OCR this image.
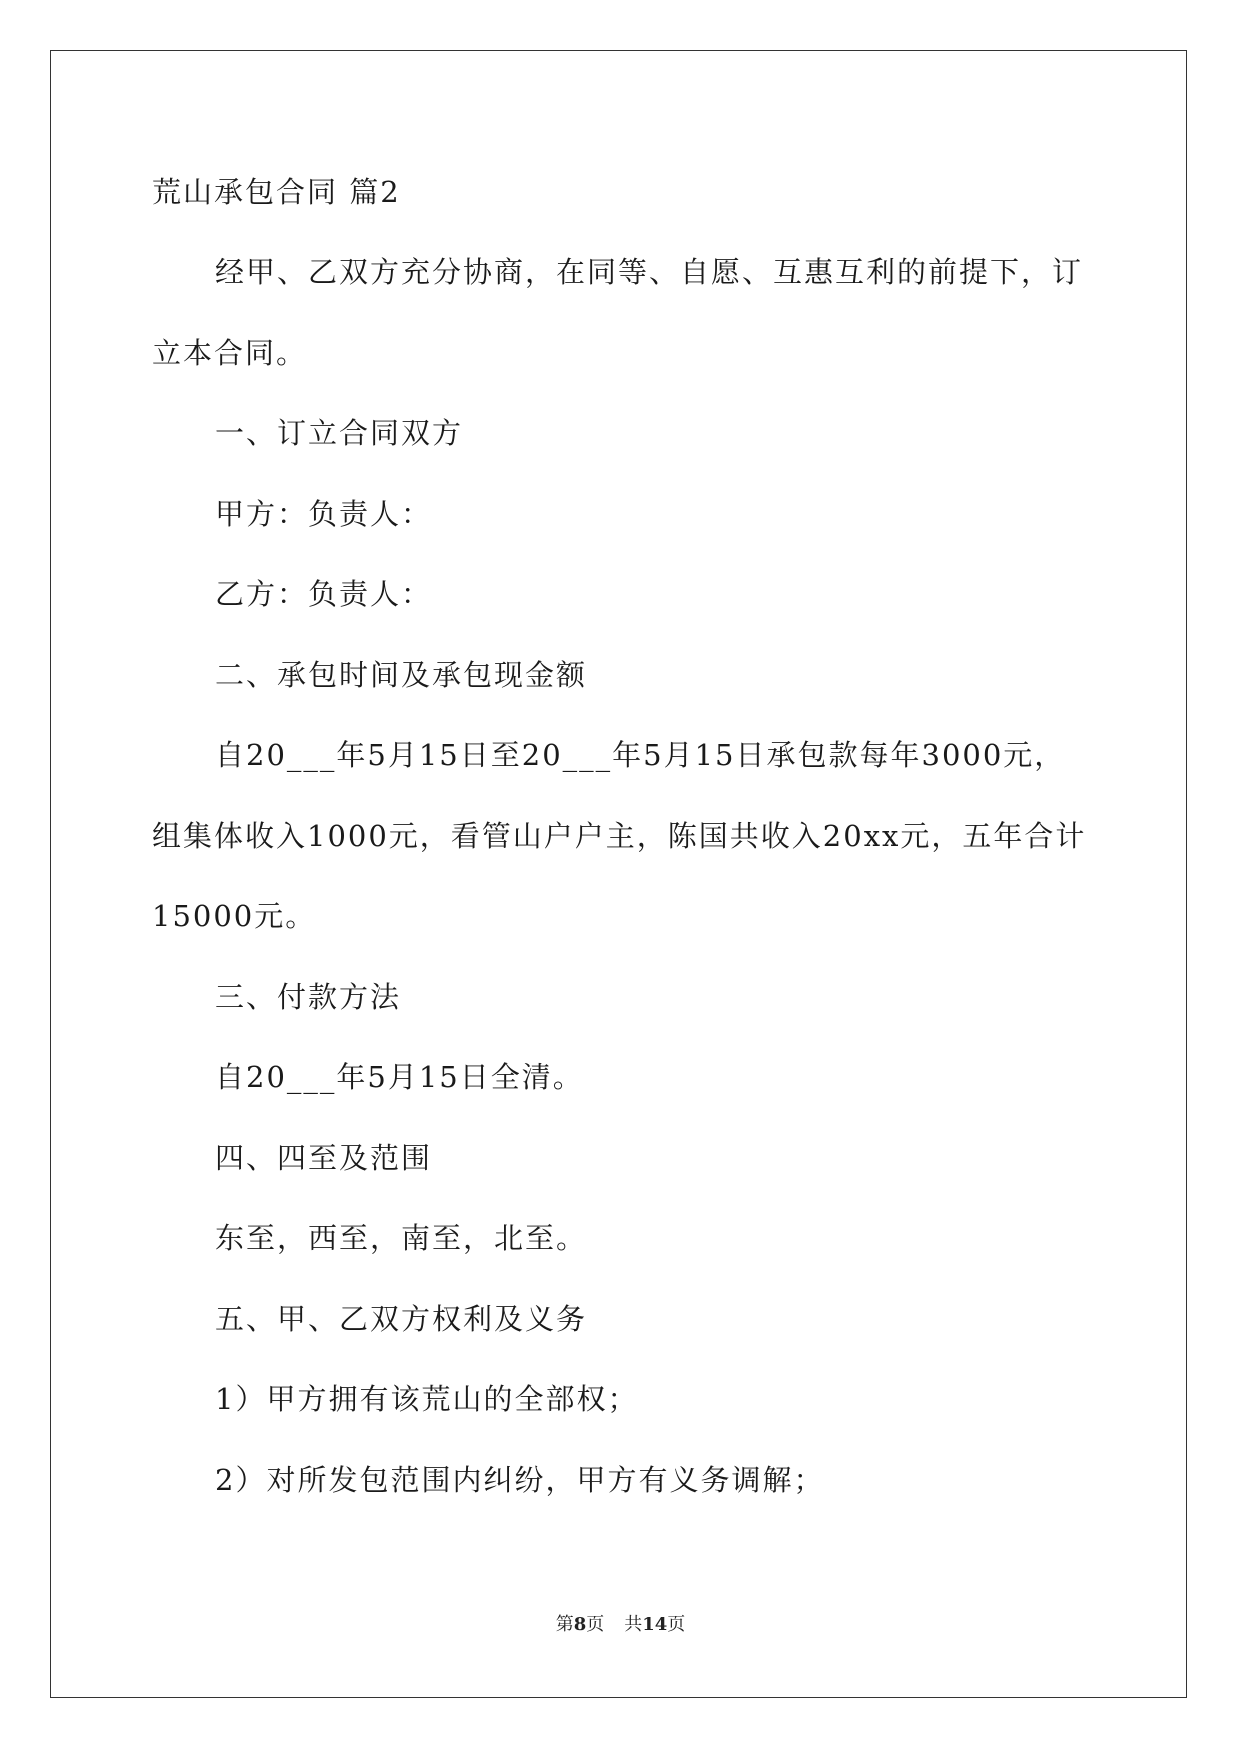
荒山承包合同 篇2
经甲、乙双方充分协商，在同等、自愿、互惠互利的前提下，订
立本合同。
一、订立合同双方
甲方：负责人：
乙方：负责人：
二、承包时间及承包现金额
自20___年5月15日至20___年5月15日承包款每年3000元，
组集体收入1000元，看管山户户主，陈国共收入20xx元，五年合计
15000元。
三、付款方法
自20___年5月15日全清。
四、四至及范围
东至，西至，南至，北至。
五、甲、乙双方权利及义务
1）甲方拥有该荒山的全部权；
2）对所发包范围内纠纷，甲方有义务调解；
第8页 共14页
